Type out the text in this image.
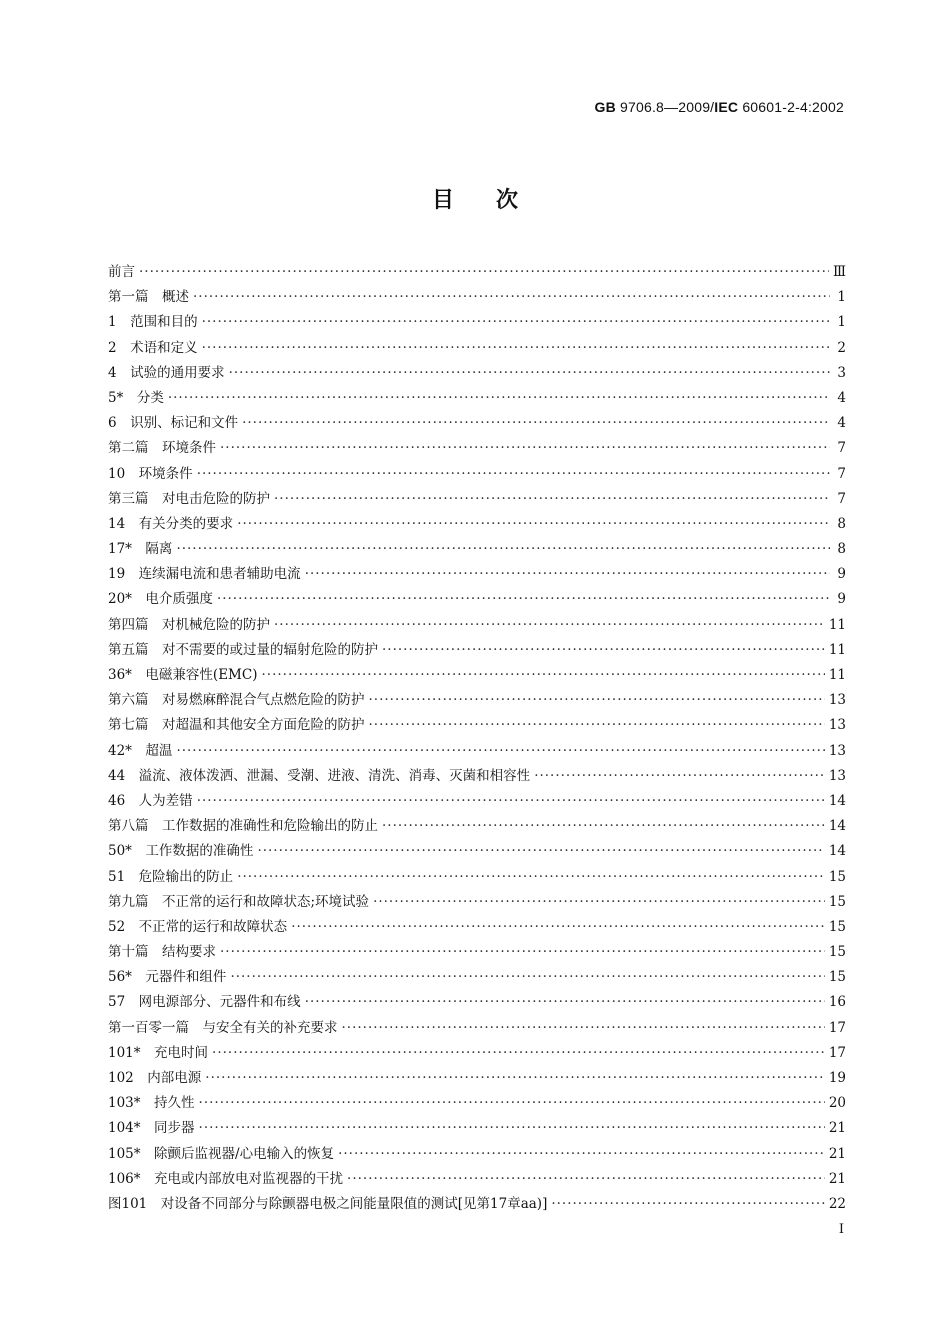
GB 9706.8—2009/IEC 60601-2-4:2002
目次
前言 ·····	Ⅲ
第一篇　概述 ·····	1
1　范围和目的 ·····	1
2　术语和定义 ·····	2
4　试验的通用要求 ·····	3
5*　分类 ·····	4
6　识别、标记和文件 ·····	4
第二篇　环境条件 ·····	7
10　环境条件 ·····	7
第三篇　对电击危险的防护 ·····	7
14　有关分类的要求 ·····	8
17*　隔离 ·····	8
19　连续漏电流和患者辅助电流 ·····	9
20*　电介质强度 ·····	9
第四篇　对机械危险的防护 ·····	11
第五篇　对不需要的或过量的辐射危险的防护 ·····	11
36*　电磁兼容性(EMC) ·····	11
第六篇　对易燃麻醉混合气点燃危险的防护 ·····	13
第七篇　对超温和其他安全方面危险的防护 ·····	13
42*　超温 ·····	13
44　溢流、液体泼洒、泄漏、受潮、进液、清洗、消毒、灭菌和相容性 ·····	13
46　人为差错 ·····	14
第八篇　工作数据的准确性和危险输出的防止 ·····	14
50*　工作数据的准确性 ·····	14
51　危险输出的防止 ·····	15
第九篇　不正常的运行和故障状态;环境试验 ·····	15
52　不正常的运行和故障状态 ·····	15
第十篇　结构要求 ·····	15
56*　元器件和组件 ·····	15
57　网电源部分、元器件和布线 ·····	16
第一百零一篇　与安全有关的补充要求 ·····	17
101*　充电时间 ·····	17
102　内部电源 ·····	19
103*　持久性 ·····	20
104*　同步器 ·····	21
105*　除颤后监视器/心电输入的恢复 ·····	21
106*　充电或内部放电对监视器的干扰 ·····	21
图101　对设备不同部分与除颤器电极之间能量限值的测试[见第17章aa)] ·····	22
I
